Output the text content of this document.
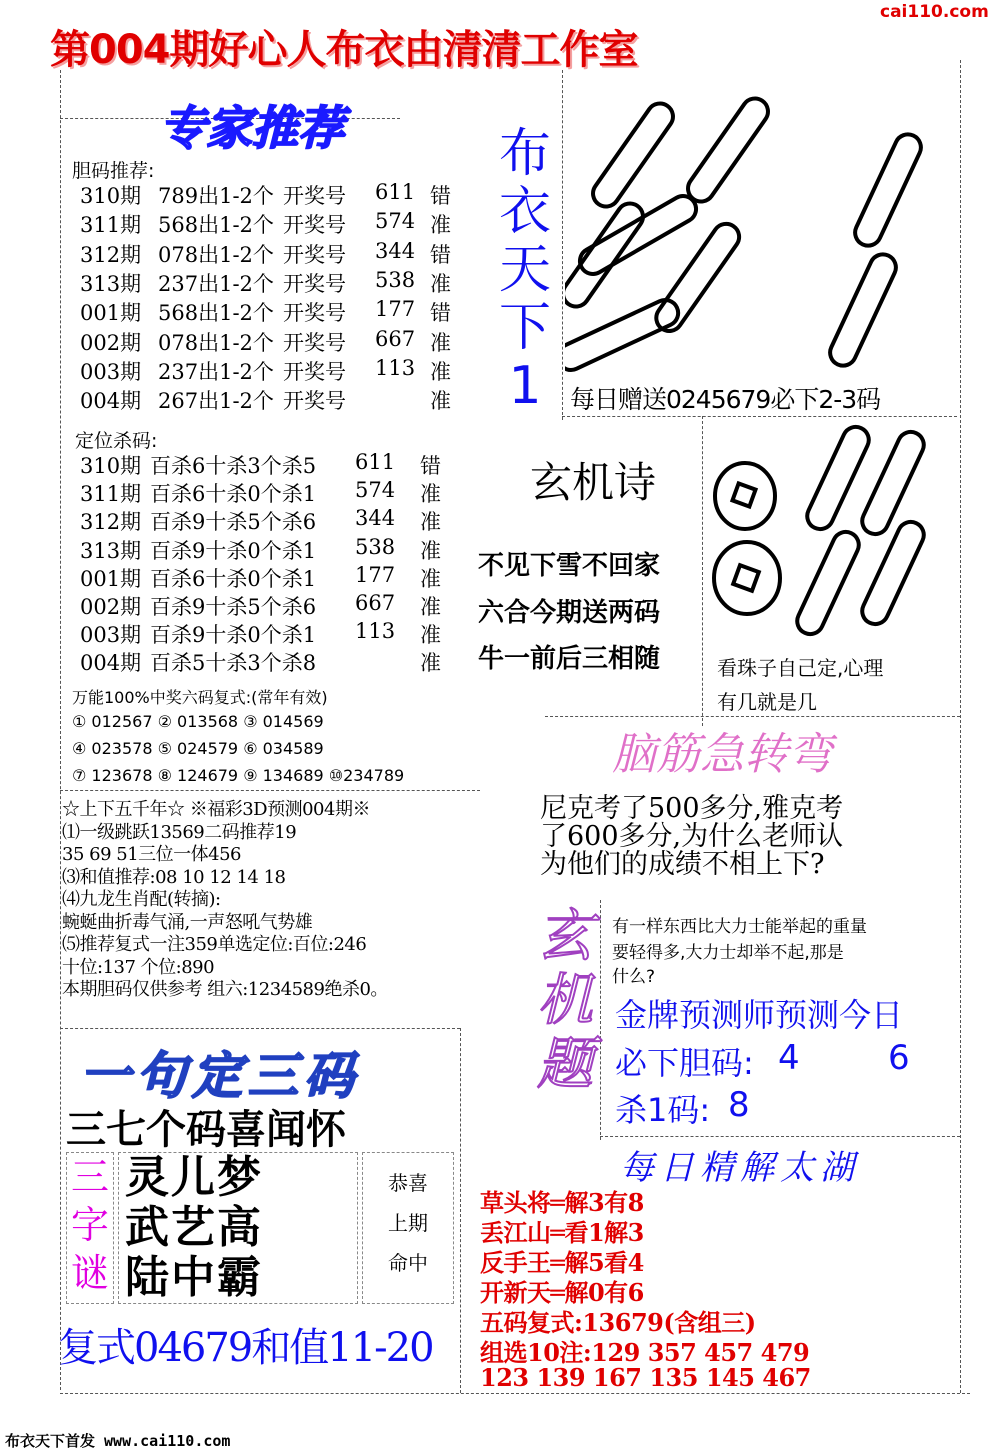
第004期好心人布衣由清清工作室
cai110.com
专家推荐
胆码推荐:
310期 789出1-2个 开奖号 611 错
311期 568出1-2个 开奖号 574 准
312期 078出1-2个 开奖号 344 错
313期 237出1-2个 开奖号 538 准
001期 568出1-2个 开奖号 177 错
002期 078出1-2个 开奖号 667 准
003期 237出1-2个 开奖号 113 准
004期 267出1-2个 开奖号	准
定位杀码:
310期 百杀6十杀3个杀5 611 错
311期 百杀6十杀0个杀1 574 准
312期 百杀9十杀5个杀6 344 准
313期 百杀9十杀0个杀1 538 准
001期 百杀6十杀0个杀1 177 准
002期 百杀9十杀5个杀6 667 准
003期 百杀9十杀0个杀1 113 准
004期 百杀5十杀3个杀8	准
万能100%中奖六码复式:(常年有效)
① 012567 ② 013568 ③ 014569
④ 023578 ⑤ 024579 ⑥ 034589
⑦ 123678 ⑧ 124679 ⑨ 134689 ⑩234789
☆上下五千年☆ ※福彩3D预测004期※
⑴一级跳跃13569二码推荐19
35 69 51三位一体456
⑶和值推荐:08 10 12 14 18
⑷九龙生肖配(转摘):
蜿蜒曲折毒气涌,一声怒吼气势雄
⑸推荐复式一注359单选定位:百位:246
十位:137 个位:890
本期胆码仅供参考 组六:1234589绝杀0。
一句定三码
三七个码喜闻怀
三
字
谜
灵儿梦
武艺高
陆中霸
恭喜
上期
命中
复式04679和值11-20
布
衣
天
下
1	每日赠送0245679必下2-3码
玄机诗
不见下雪不回家
六合今期送两码
牛一前后三相随	看珠子自己定,心理
有几就是几
脑筋急转弯
尼克考了500多分,雅克考
了600多分,为什么老师认
为他们的成绩不相上下?
玄
机
题
有一样东西比大力士能举起的重量
要轻得多,大力士却举不起,那是
什么?
金牌预测师预测今日
必下胆码: 4	6
杀1码: 8
每日精解太湖
草头将═解3有8
丢江山═看1解3
反手王═解5看4
开新天═解0有6
五码复式:13679(含组三)
组选10注:129 357 457 479
123 139 167 135 145 467
布衣天下首发 www.cai110.com
